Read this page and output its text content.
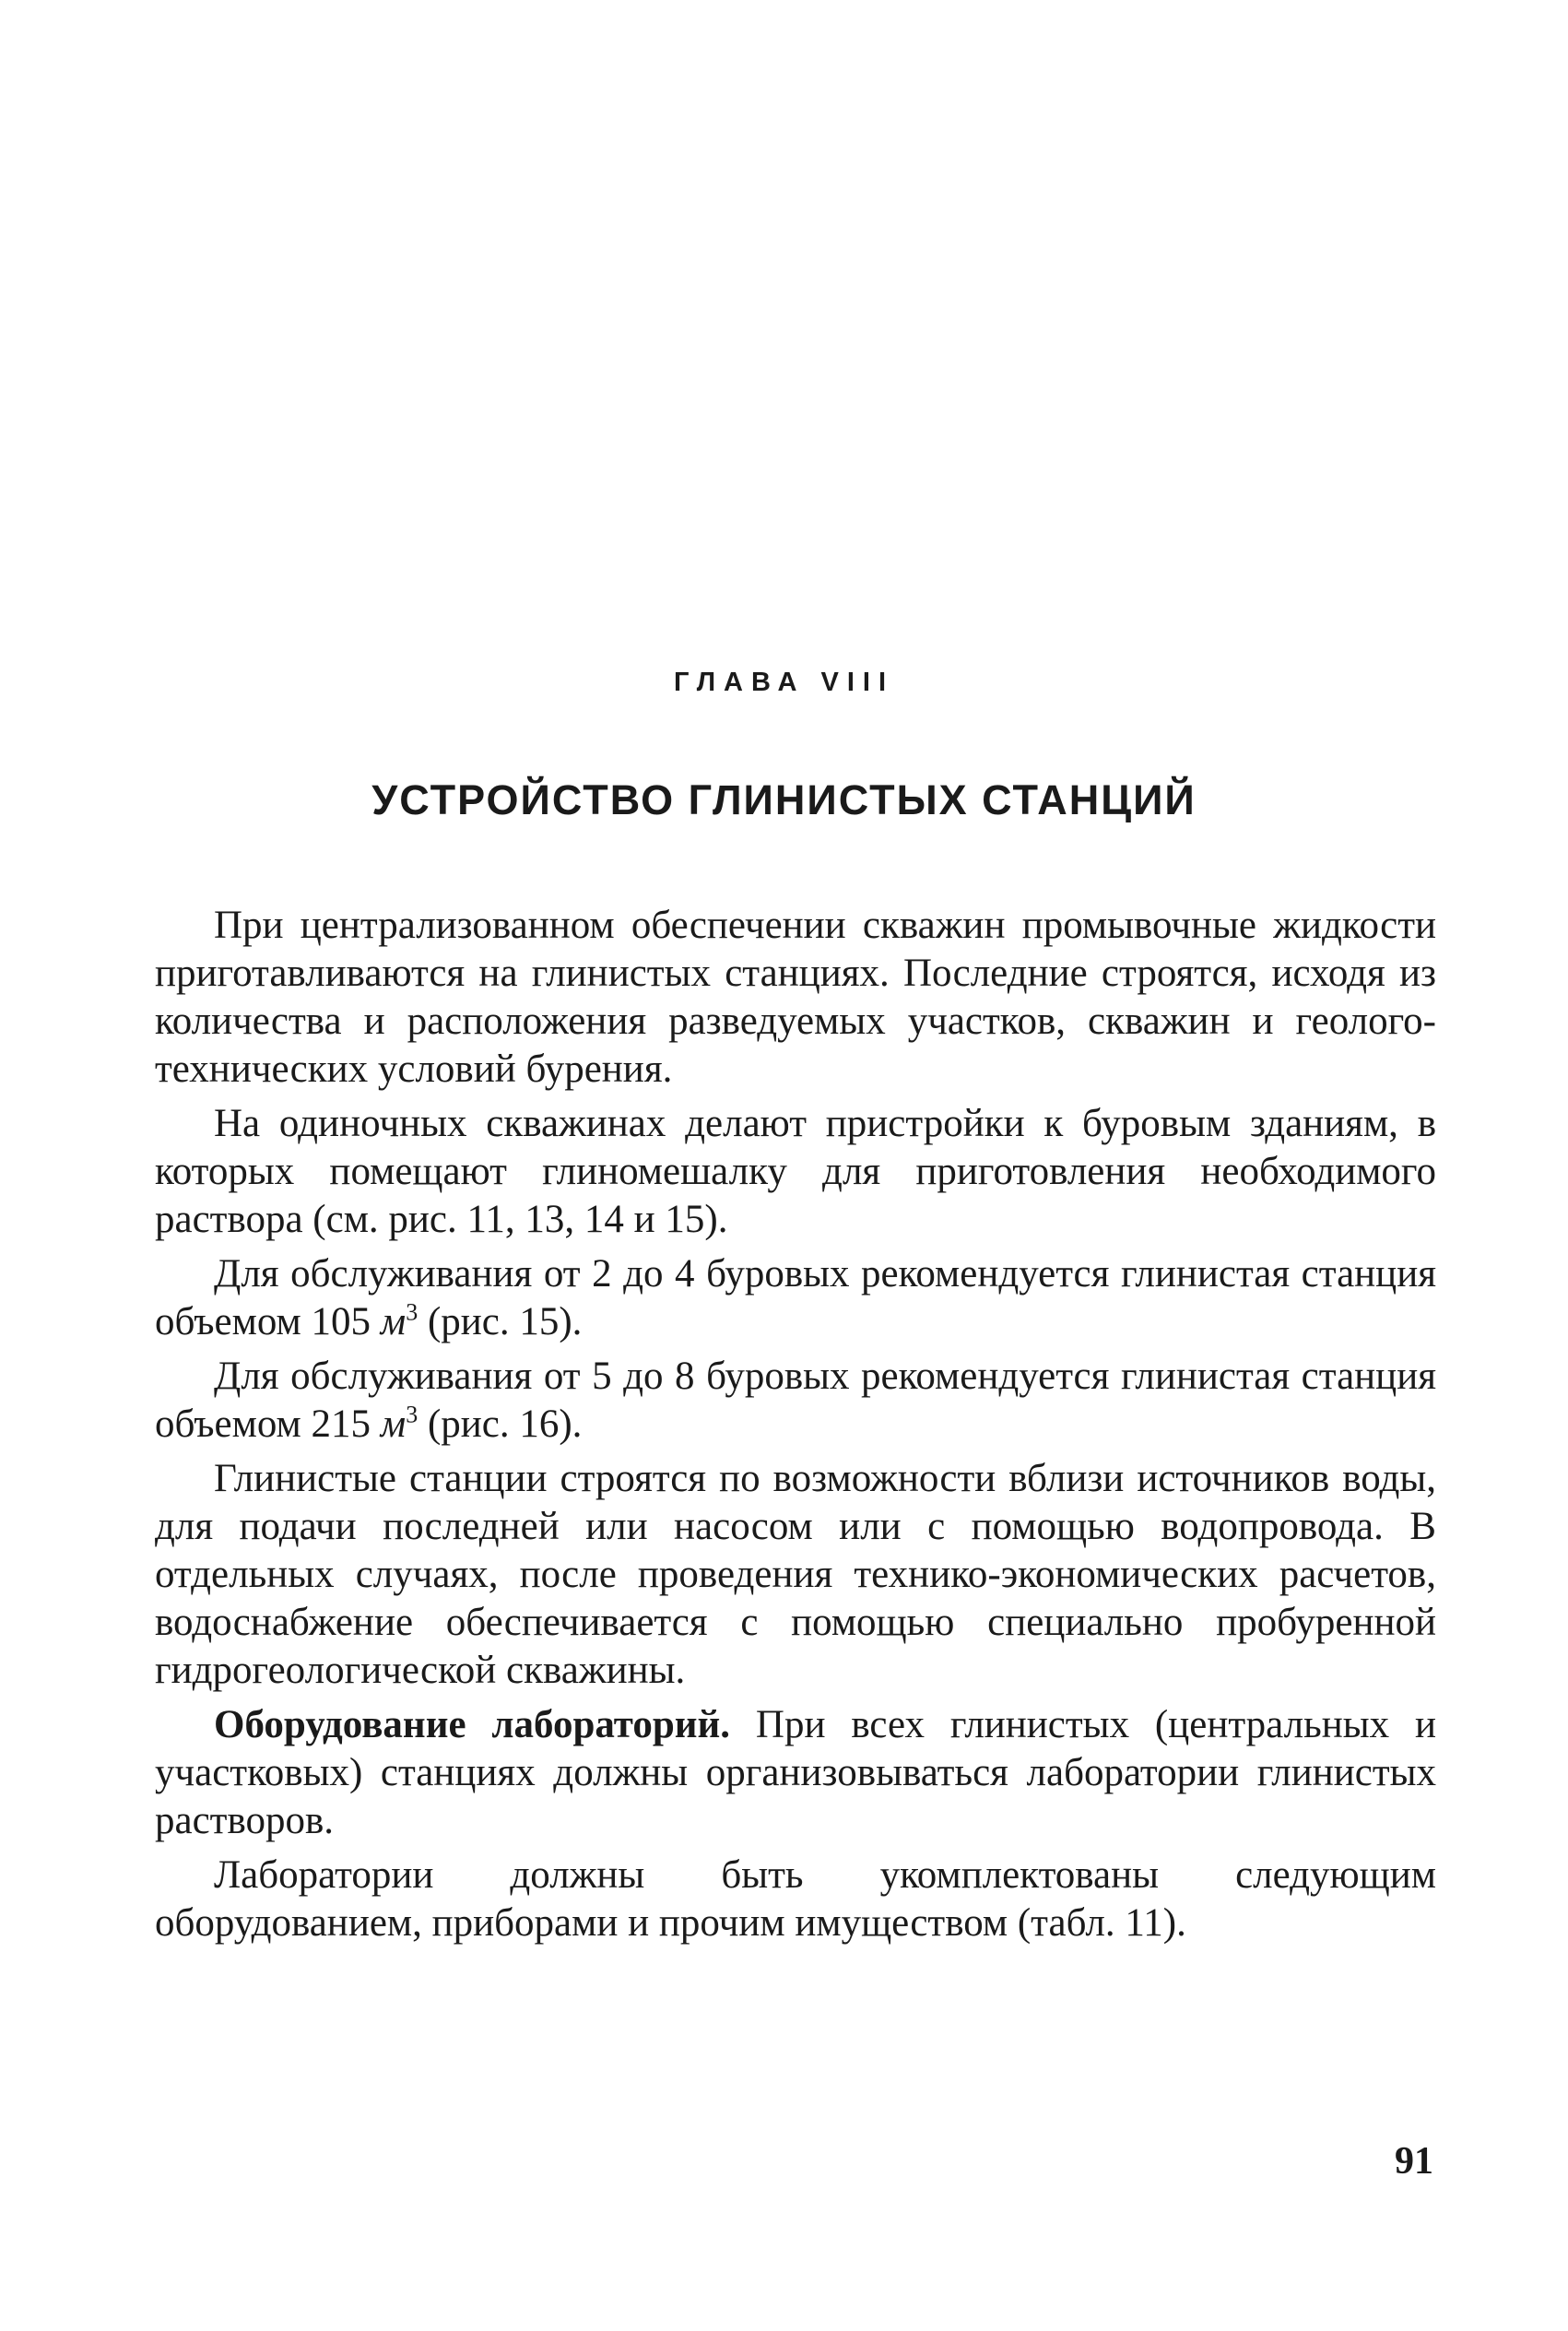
ГЛАВА VIII
УСТРОЙСТВО ГЛИНИСТЫХ СТАНЦИЙ

При централизованном обеспечении скважин промывочные жидкости приготавливаются на глинистых станциях. Последние строятся, исходя из количества и расположения разведуемых участков, скважин и геолого-технических условий бурения.

На одиночных скважинах делают пристройки к буровым зданиям, в которых помещают глиномешалку для приготовления необходимого раствора (см. рис. 11, 13, 14 и 15).

Для обслуживания от 2 до 4 буровых рекомендуется глинистая станция объемом 105 $м^3$ (рис. 15).

Для обслуживания от 5 до 8 буровых рекомендуется глинистая станция объемом 215 $м^3$ (рис. 16).

Глинистые станции строятся по возможности вблизи источников воды, для подачи последней или насосом или с помощью водопровода. В отдельных случаях, после проведения технико-экономических расчетов, водоснабжение обеспечивается с помощью специально пробуренной гидрогеологической скважины.

Оборудование лабораторий. При всех глинистых (центральных и участковых) станциях должны организовываться лаборатории глинистых растворов.

Лаборатории должны быть укомплектованы следующим оборудованием, приборами и прочим имуществом (табл. 11).

91
